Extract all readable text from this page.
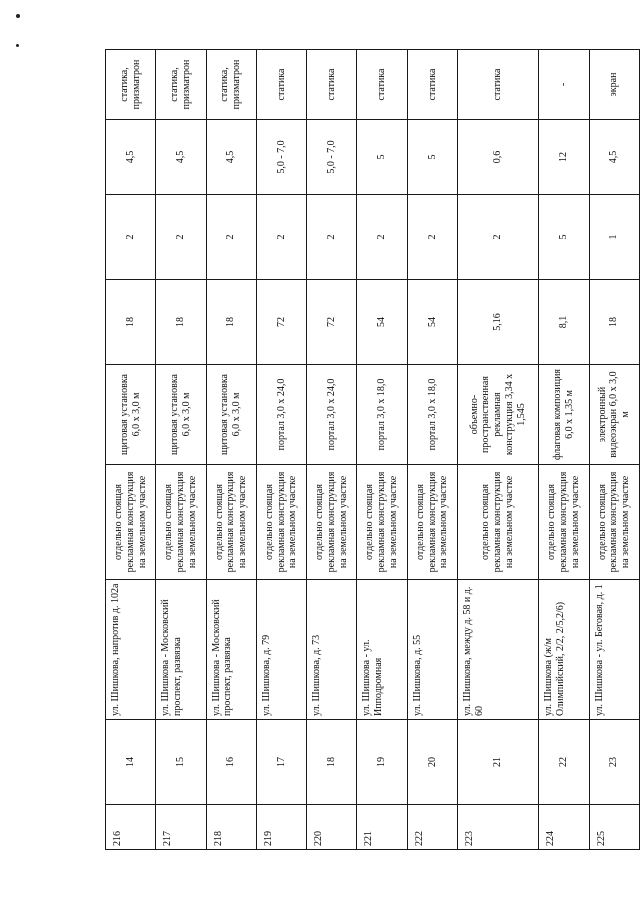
216	14	ул. Шишкова, напротив д. 102а	отдельно стоящая рекламная конструкция на земельном участке	щитовая установка 6,0 х 3,0 м	18	2	4,5	статика, призматрон
217	15	ул. Шишкова - Московский проспект, развязка	отдельно стоящая рекламная конструкция на земельном участке	щитовая установка 6,0 х 3,0 м	18	2	4,5	статика, призматрон
218	16	ул. Шишкова - Московский проспект, развязка	отдельно стоящая рекламная конструкция на земельном участке	щитовая установка 6,0 х 3,0 м	18	2	4,5	статика, призматрон
219	17	ул. Шишкова, д. 79	отдельно стоящая рекламная конструкция на земельном участке	портал 3,0 х 24,0	72	2	5,0 - 7,0	статика
220	18	ул. Шишкова, д. 73	отдельно стоящая рекламная конструкция на земельном участке	портал 3,0 х 24,0	72	2	5,0 - 7,0	статика
221	19	ул. Шишкова - ул. Ипподромная	отдельно стоящая рекламная конструкция на земельном участке	портал 3,0 х 18,0	54	2	5	статика
222	20	ул. Шишкова, д. 55	отдельно стоящая рекламная конструкция на земельном участке	портал 3,0 х 18,0	54	2	5	статика
223	21	ул. Шишкова, между д. 58 и д. 60	отдельно стоящая рекламная конструкция на земельном участке	объемно-пространственная рекламная конструкция 3,34 х 1,545	5,16	2	0,6	статика
224	22	ул. Шишкова (ж/м Олимпийский, 2/2, 2/5,2/6)	отдельно стоящая рекламная конструкция на земельном участке	флаговая композиция 6,0 х 1,35 м	8,1	5	12	-
225	23	ул. Шишкова - ул. Беговая, д. 1	отдельно стоящая рекламная конструкция на земельном участке	электронный видеоэкран 6,0 х 3,0 м	18	1	4,5	экран
